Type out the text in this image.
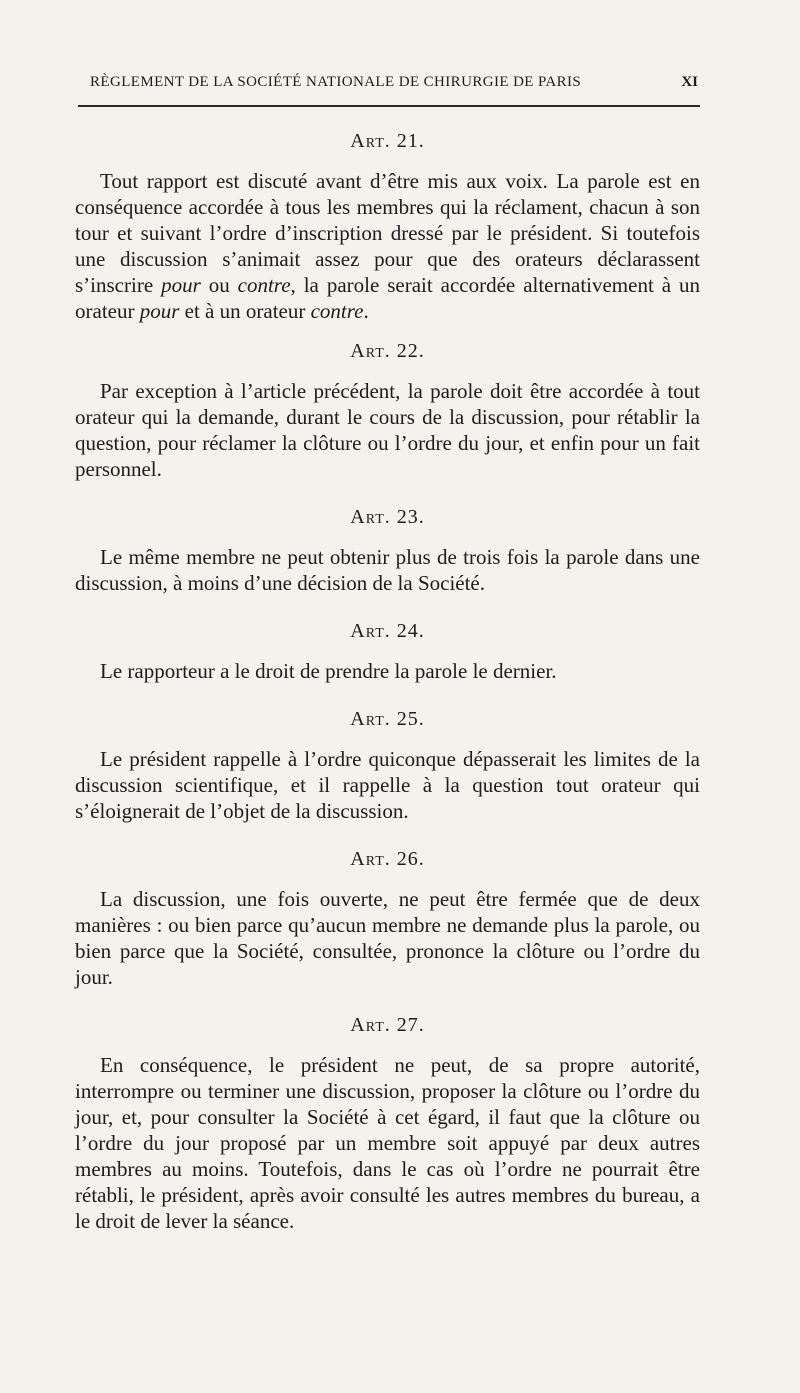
RÈGLEMENT DE LA SOCIÉTÉ NATIONALE DE CHIRURGIE DE PARIS	XI

Art. 21.

Tout rapport est discuté avant d’être mis aux voix. La parole est en conséquence accordée à tous les membres qui la réclament, chacun à son tour et suivant l’ordre d’inscription dressé par le président. Si toutefois une discussion s’animait assez pour que des orateurs déclarassent s’inscrire pour ou contre, la parole serait accordée alternativement à un orateur pour et à un orateur contre.

Art. 22.

Par exception à l’article précédent, la parole doit être accordée à tout orateur qui la demande, durant le cours de la discussion, pour rétablir la question, pour réclamer la clôture ou l’ordre du jour, et enfin pour un fait personnel.

Art. 23.

Le même membre ne peut obtenir plus de trois fois la parole dans une discussion, à moins d’une décision de la Société.

Art. 24.

Le rapporteur a le droit de prendre la parole le dernier.

Art. 25.

Le président rappelle à l’ordre quiconque dépasserait les limites de la discussion scientifique, et il rappelle à la question tout orateur qui s’éloignerait de l’objet de la discussion.

Art. 26.

La discussion, une fois ouverte, ne peut être fermée que de deux manières : ou bien parce qu’aucun membre ne demande plus la parole, ou bien parce que la Société, consultée, prononce la clôture ou l’ordre du jour.

Art. 27.

En conséquence, le président ne peut, de sa propre autorité, interrompre ou terminer une discussion, proposer la clôture ou l’ordre du jour, et, pour consulter la Société à cet égard, il faut que la clôture ou l’ordre du jour proposé par un membre soit appuyé par deux autres membres au moins. Toutefois, dans le cas où l’ordre ne pourrait être rétabli, le président, après avoir consulté les autres membres du bureau, a le droit de lever la séance.
